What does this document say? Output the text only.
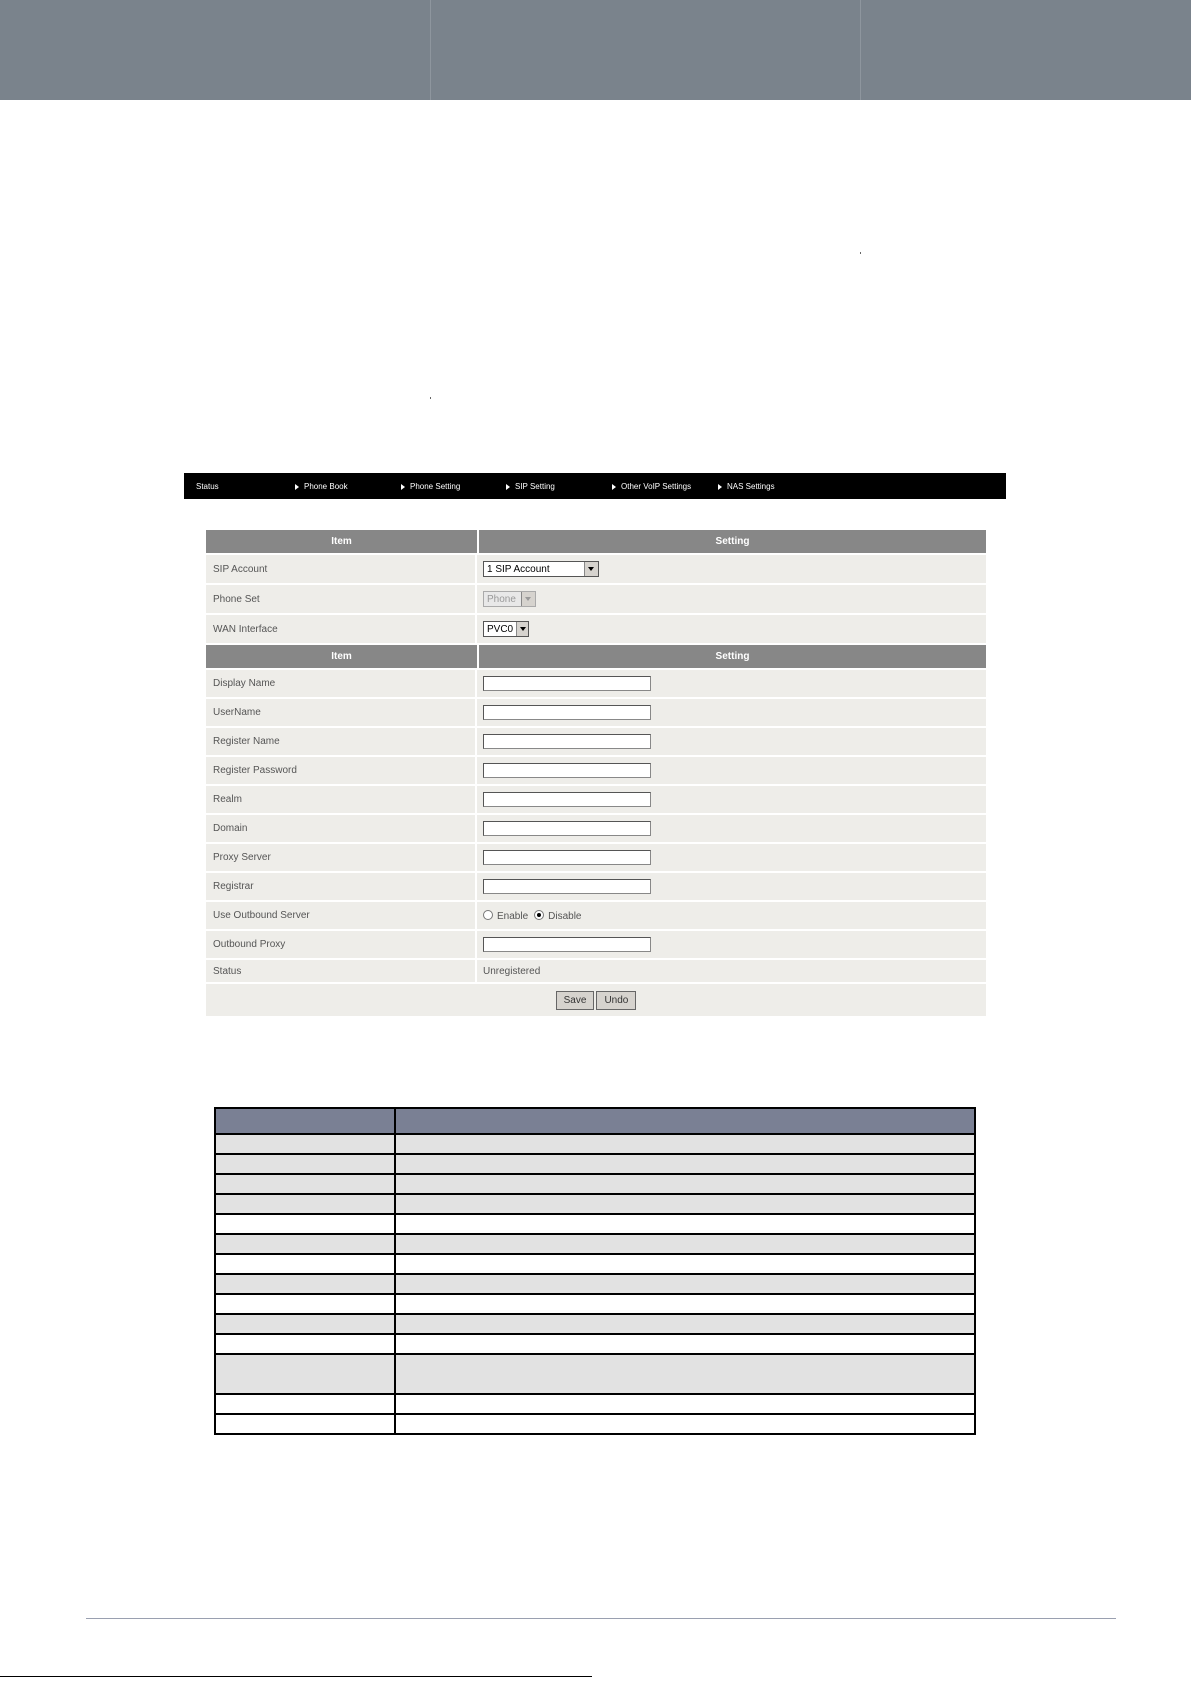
Status	Phone Book	Phone Setting	SIP Setting	Other VoIP Settings	NAS Settings
Item	Setting
SIP Account	1 SIP Account
Phone Set	Phone
WAN Interface	PVC0
Item	Setting
Display Name
UserName
Register Name
Register Password
Realm
Domain
Proxy Server
Registrar
Use Outbound Server	Enable	Disable
Outbound Proxy
Status	Unregistered
Save	Undo
